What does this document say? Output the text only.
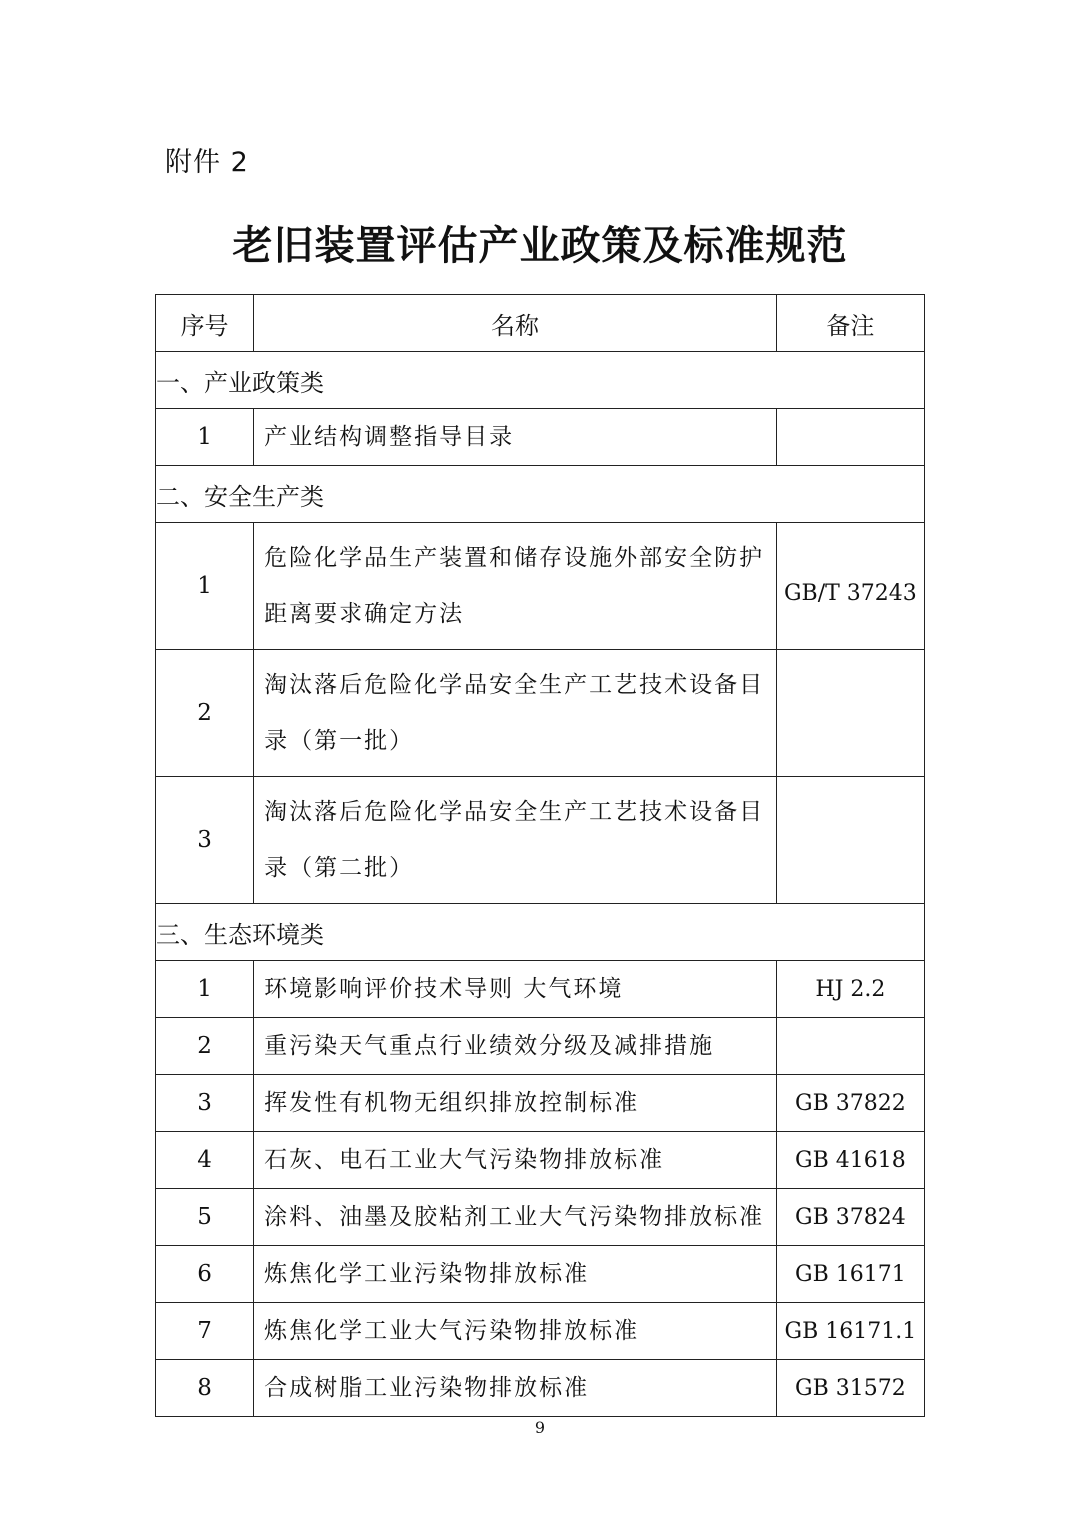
附件 2
老旧装置评估产业政策及标准规范
序号	名称	备注
一、产业政策类		
1	产业结构调整指导目录	
二、安全生产类		
1	危险化学品生产装置和储存设施外部安全防护距离要求确定方法	GB/T 37243
2	淘汰落后危险化学品安全生产工艺技术设备目录（第一批）	
3	淘汰落后危险化学品安全生产工艺技术设备目录（第二批）	
三、生态环境类		
1	环境影响评价技术导则 大气环境	HJ 2.2
2	重污染天气重点行业绩效分级及减排措施	
3	挥发性有机物无组织排放控制标准	GB 37822
4	石灰、电石工业大气污染物排放标准	GB 41618
5	涂料、油墨及胶粘剂工业大气污染物排放标准	GB 37824
6	炼焦化学工业污染物排放标准	GB 16171
7	炼焦化学工业大气污染物排放标准	GB 16171.1
8	合成树脂工业污染物排放标准	GB 31572
9
